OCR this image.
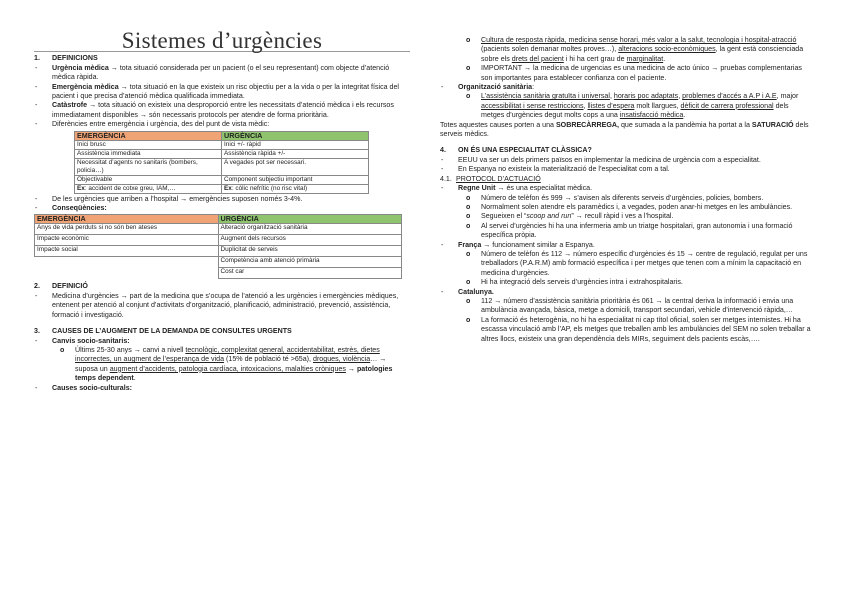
Sistemes d’urgències
1. DEFINICIONS
- Urgència mèdica → tota situació considerada per un pacient (o el seu representant) com objecte d’atenció mèdica ràpida.
- Emergència mèdica → tota situació en la que existeix un risc objectiu per a la vida o per la integritat física del pacient i que precisa d’atenció mèdica qualificada immediata.
- Catàstrofe → tota situació on existeix una desproporció entre les necessitats d’atenció mèdica i els recursos immediatament disponibles → són necessaris protocols per atendre de forma prioritària.
- Diferències entre emergència i urgència, des del punt de vista mèdic:
EMERGÈNCIA	URGÈNCIA
Inici brusc	Inici +/- ràpid
Assistència immediata	Assistència ràpida +/-
Necessitat d’agents no sanitaris (bombers, policia…)	A vegades pot ser necessari.
Objectivable	Component subjectiu important
Ex: accident de cotxe greu, IAM,…	Ex: còlic nefrític (no risc vital)
- De les urgències que arriben a l’hospital → emergències suposen només 3-4%.
- Conseqüències:
EMERGÈNCIA	URGÈNCIA
Anys de vida perduts si no són ben ateses	Alteració organització sanitària
Impacte econòmic	Augment dels recursos
Impacte social	Duplicitat de serveis
	Competència amb atenció primària
	Cost car
2. DEFINICIÓ
- Medicina d’urgències → part de la medicina que s’ocupa de l’atenció a les urgències i emergències mèdiques, entenent per atenció al conjunt d’activitats d’organització, planificació, administració, prevenció, assistència, formació i investigació.
3. CAUSES DE L’AUGMENT DE LA DEMANDA DE CONSULTES URGENTS
- Canvis socio-sanitaris:
o Últims 25-30 anys → canvi a nivell tecnològic, complexitat general, accidentabilitat, estrès, dietes incorrectes, un augment de l’esperança de vida (15% de població té >65a), drogues, violència… → suposa un augment d’accidents, patologia cardíaca, intoxicacions, malalties cròniques → patologies temps dependent.
- Causes socio-culturals:
o Cultura de resposta ràpida, medicina sense horari, més valor a la salut, tecnologia i hospital-atracció (pacients solen demanar moltes proves…), alteracions socio-econòmiques, la gent està conscienciada sobre els drets del pacient i hi ha cert grau de marginalitat.
o IMPORTANT → la medicina de urgencias es una medicina de acto único → pruebas complementarias son importantes para establecer confianza con el paciente.
- Organització sanitària:
o L’assistència sanitària gratuïta i universal, horaris poc adaptats, problemes d’accés a A.P i A.E, major accessibilitat i sense restriccions, llistes d’espera molt llargues, dèficit de carrera professional dels metges d’urgències degut molts cops a una insatisfacció mèdica.
Totes aquestes causes porten a una SOBRECÀRREGA, que sumada a la pandèmia ha portat a la SATURACIÓ dels serveis mèdics.
4. ON ÉS UNA ESPECIALITAT CLÀSSICA?
- EEUU va ser un dels primers països en implementar la medicina de urgència com a especialitat.
- En Espanya no existeix la materialització de l’especialitat com a tal.
4.1. PROTOCOL D’ACTUACIÓ
- Regne Unit → és una especialitat mèdica.
o Número de telèfon és 999 → s’avisen als diferents serveis d’urgències, policies, bombers.
o Normalment solen atendre els paramèdics i, a vegades, poden anar-hi metges en les ambulàncies.
o Segueixen el “scoop and run” → recull ràpid i ves a l’hospital.
o Al servei d’urgències hi ha una infermeria amb un triatge hospitalari, gran autonomia i una formació específica pròpia.
- França → funcionament similar a Espanya.
o Número de telèfon és 112 → número específic d’urgències és 15 → centre de regulació, regulat per uns treballadors (P.A.R.M) amb formació específica i per metges que tenen com a mínim la capacitació en medicina d’urgències.
o Hi ha integració dels serveis d’urgències intra i extrahospitalaris.
- Catalunya.
o 112 → número d’assistència sanitària prioritària és 061 → la central deriva la informació i envia una ambulància avançada, bàsica, metge a domicili, transport secundari, vehicle d’intervenció ràpida,…
o La formació és heterogènia, no hi ha especialitat ni cap títol oficial, solen ser metges internistes. Hi ha escassa vinculació amb l’AP, els metges que treballen amb les ambulàncies del SEM no solen treballar a altres llocs, existeix una gran dependència dels MIRs, seguiment dels pacients escàs,….
